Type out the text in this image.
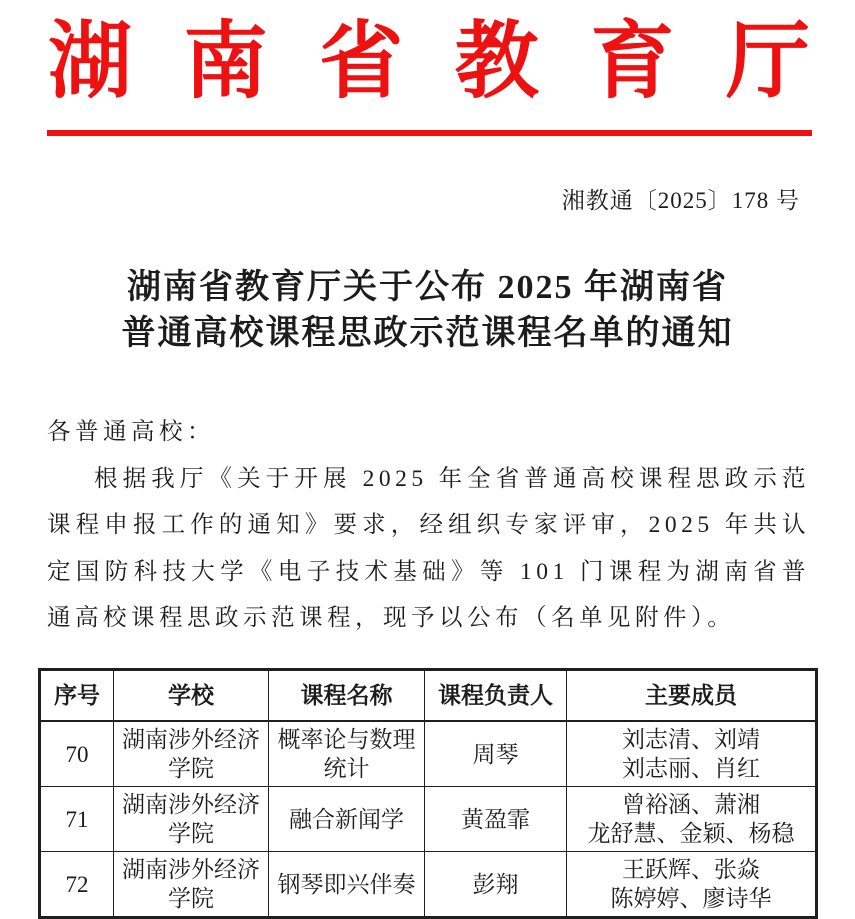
湖南省教育厅
湘教通〔2025〕178 号
湖南省教育厅关于公布 2025 年湖南省
普通高校课程思政示范课程名单的通知
各普通高校：
根据我厅《关于开展 2025 年全省普通高校课程思政示范课程申报工作的通知》要求，经组织专家评审，2025 年共认定国防科技大学《电子技术基础》等 101 门课程为湖南省普通高校课程思政示范课程，现予以公布（名单见附件）。
序号	学校	课程名称	课程负责人	主要成员
70	湖南涉外经济学院	概率论与数理统计	周琴	刘志清、刘靖
刘志丽、肖红

71	湖南涉外经济学院	融合新闻学	黄盈霏	曾裕涵、萧湘
龙舒慧、金颖、杨稳

72	湖南涉外经济学院	钢琴即兴伴奏	彭翔	王跃辉、张焱
陈婷婷、廖诗华
